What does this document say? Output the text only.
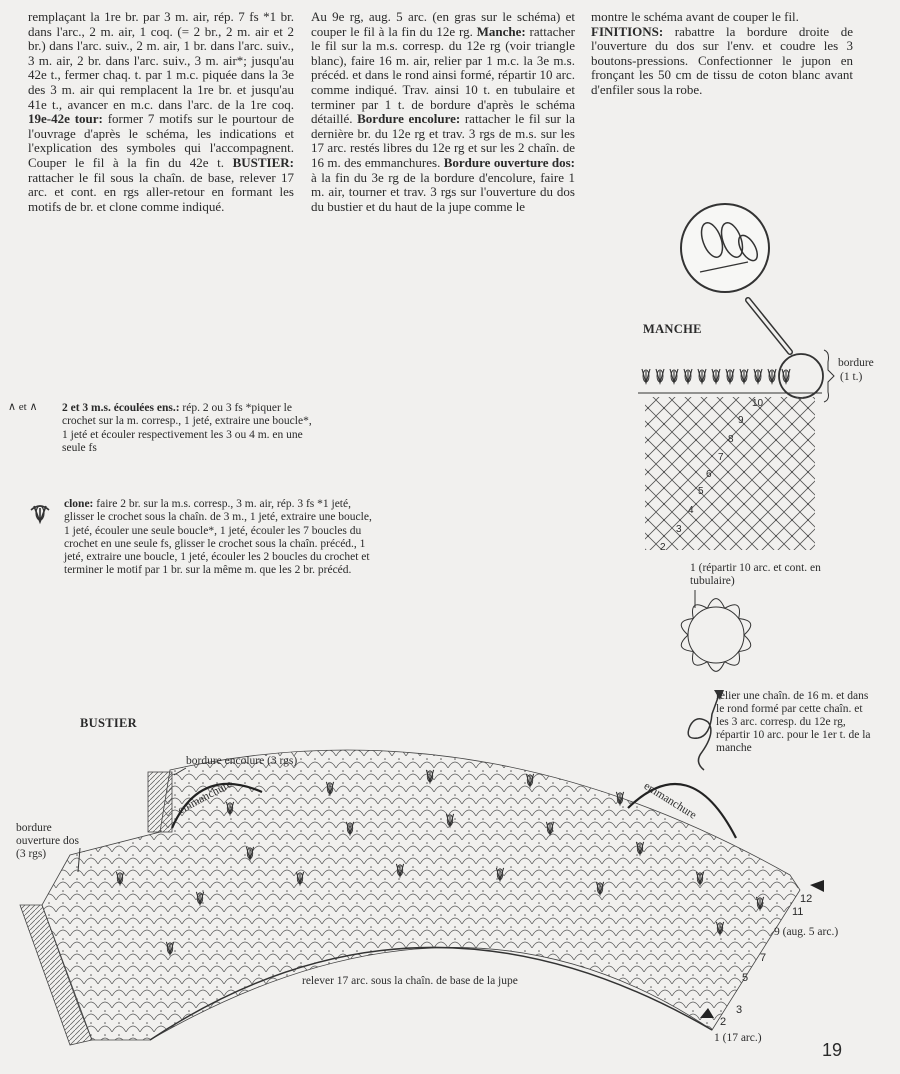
remplaçant la 1re br. par 3 m. air, rép. 7 fs *1 br. dans l'arc., 2 m. air, 1 coq. (= 2 br., 2 m. air et 2 br.) dans l'arc. suiv., 2 m. air, 1 br. dans l'arc. suiv., 3 m. air, 2 br. dans l'arc. suiv., 3 m. air*; jusqu'au 42e t., fermer chaq. t. par 1 m.c. piquée dans la 3e des 3 m. air qui remplacent la 1re br. et jusqu'au 41e t., avancer en m.c. dans l'arc. de la 1re coq. 19e-42e tour: former 7 motifs sur le pourtour de l'ouvrage d'après le schéma, les indications et l'explication des symboles qui l'accompagnent. Couper le fil à la fin du 42e t. BUSTIER: rattacher le fil sous la chaîn. de base, relever 17 arc. et cont. en rgs aller-retour en formant les motifs de br. et clone comme indiqué.

Au 9e rg, aug. 5 arc. (en gras sur le schéma) et couper le fil à la fin du 12e rg. Manche: rattacher le fil sur la m.s. corresp. du 12e rg (voir triangle blanc), faire 16 m. air, relier par 1 m.c. la 3e m.s. précéd. et dans le rond ainsi formé, répartir 10 arc. comme indiqué. Trav. ainsi 10 t. en tubulaire et terminer par 1 t. de bordure d'après le schéma détaillé. Bordure encolure: rattacher le fil sur la dernière br. du 12e rg et trav. 3 rgs de m.s. sur les 17 arc. restés libres du 12e rg et sur les 2 chaîn. de 16 m. des emmanchures. Bordure ouverture dos: à la fin du 3e rg de la bordure d'encolure, faire 1 m. air, tourner et trav. 3 rgs sur l'ouverture du dos du bustier et du haut de la jupe comme le

montre le schéma avant de couper le fil.

FINITIONS: rabattre la bordure droite de l'ouverture du dos sur l'env. et coudre les 3 boutons-pressions. Confectionner le jupon en fronçant les 50 cm de tissu de coton blanc avant d'enfiler sous la robe.

∧ et ∧ 2 et 3 m.s. écoulées ens.: rép. 2 ou 3 fs *piquer le crochet sur la m. corresp., 1 jeté, extraire une boucle*, 1 jeté et écouler respectivement les 3 ou 4 m. en une seule fs
clone: faire 2 br. sur la m.s. corresp., 3 m. air, rép. 3 fs *1 jeté, glisser le crochet sous la chaîn. de 3 m., 1 jeté, extraire une boucle, 1 jeté, écouler une seule boucle*, 1 jeté, écouler les 7 boucles du crochet en une seule fs, glisser le crochet sous la chaîn. précéd., 1 jeté, extraire une boucle, 1 jeté, écouler les 2 boucles du crochet et terminer le motif par 1 br. sur la même m. que les 2 br. précéd.
MANCHE
bordure
(1 t.)
10
9
8
7
6
5
4
3
2
1 (répartir 10 arc. et cont. en tubulaire)
relier une chaîn. de 16 m. et dans le rond formé par cette chaîn. et les 3 arc. corresp. du 12e rg, répartir 10 arc. pour le 1er t. de la manche
BUSTIER
bordure encolure (3 rgs)
emmanchure	emmanchure
bordure ouverture dos (3 rgs)
relever 17 arc. sous la chaîn. de base de la jupe
12
11
9 (aug. 5 arc.)
7
5
3
2
1 (17 arc.)
19
